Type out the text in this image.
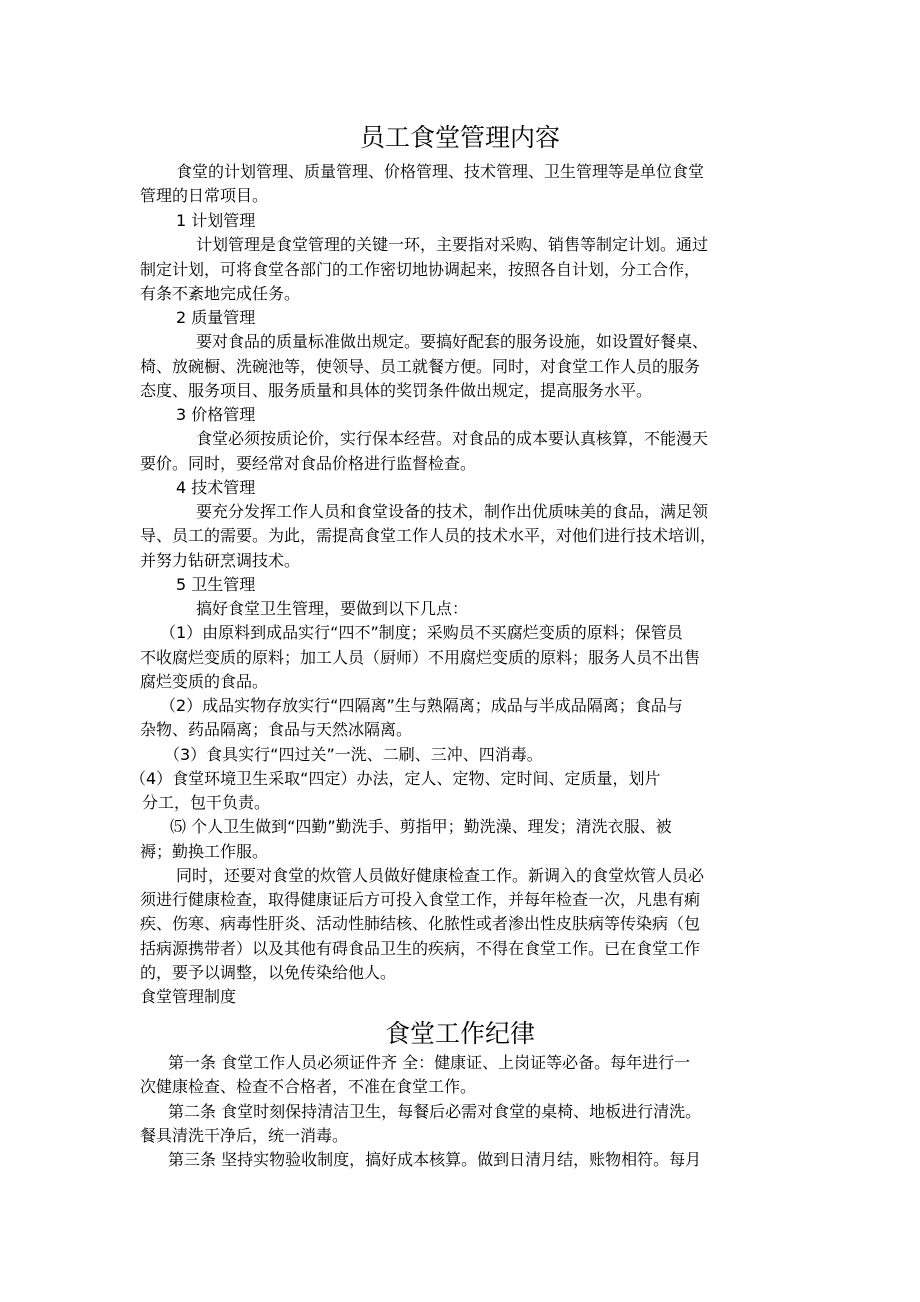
员工食堂管理内容
食堂的计划管理、质量管理、价格管理、技术管理、卫生管理等是单位食堂
管理的日常项目。
1 计划管理
计划管理是食堂管理的关键一环，主要指对采购、销售等制定计划。通过
制定计划，可将食堂各部门的工作密切地协调起来，按照各自计划，分工合作，
有条不紊地完成任务。
2 质量管理
要对食品的质量标准做出规定。要搞好配套的服务设施，如设置好餐桌、
椅、放碗橱、洗碗池等，使领导、员工就餐方便。同时，对食堂工作人员的服务
态度、服务项目、服务质量和具体的奖罚条件做出规定，提高服务水平。
3 价格管理
食堂必须按质论价，实行保本经营。对食品的成本要认真核算，不能漫天
要价。同时，要经常对食品价格进行监督检查。
4 技术管理
要充分发挥工作人员和食堂设备的技术，制作出优质味美的食品，满足领
导、员工的需要。为此，需提高食堂工作人员的技术水平，对他们进行技术培训，
并努力钻研烹调技术。
5 卫生管理
搞好食堂卫生管理，要做到以下几点：
（1）由原料到成品实行“四不”制度；采购员不买腐烂变质的原料；保管员
不收腐烂变质的原料；加工人员（厨师）不用腐烂变质的原料；服务人员不出售
腐烂变质的食品。
（2）成品实物存放实行“四隔离”生与熟隔离；成品与半成品隔离；食品与
杂物、药品隔离；食品与天然冰隔离。
（3）食具实行“四过关”一洗、二刷、三冲、四消毒。
（4）食堂环境卫生采取“四定）办法，定人、定物、定时间、定质量，划片
分工，包干负责。
⑸ 个人卫生做到“四勤”勤洗手、剪指甲；勤洗澡、理发；清洗衣服、被
褥；勤换工作服。
同时，还要对食堂的炊管人员做好健康检查工作。新调入的食堂炊管人员必
须进行健康检查，取得健康证后方可投入食堂工作，并每年检查一次，凡患有痢
疾、伤寒、病毒性肝炎、活动性肺结核、化脓性或者渗出性皮肤病等传染病（包
括病源携带者）以及其他有碍食品卫生的疾病，不得在食堂工作。已在食堂工作
的，要予以调整，以免传染给他人。
食堂管理制度
食堂工作纪律
第一条 食堂工作人员必须证件齐 全：健康证、上岗证等必备。每年进行一
次健康检查、检查不合格者，不准在食堂工作。
第二条 食堂时刻保持清洁卫生，每餐后必需对食堂的桌椅、地板进行清洗。
餐具清洗干净后，统一消毒。
第三条 坚持实物验收制度，搞好成本核算。做到日清月结，账物相符。每月
